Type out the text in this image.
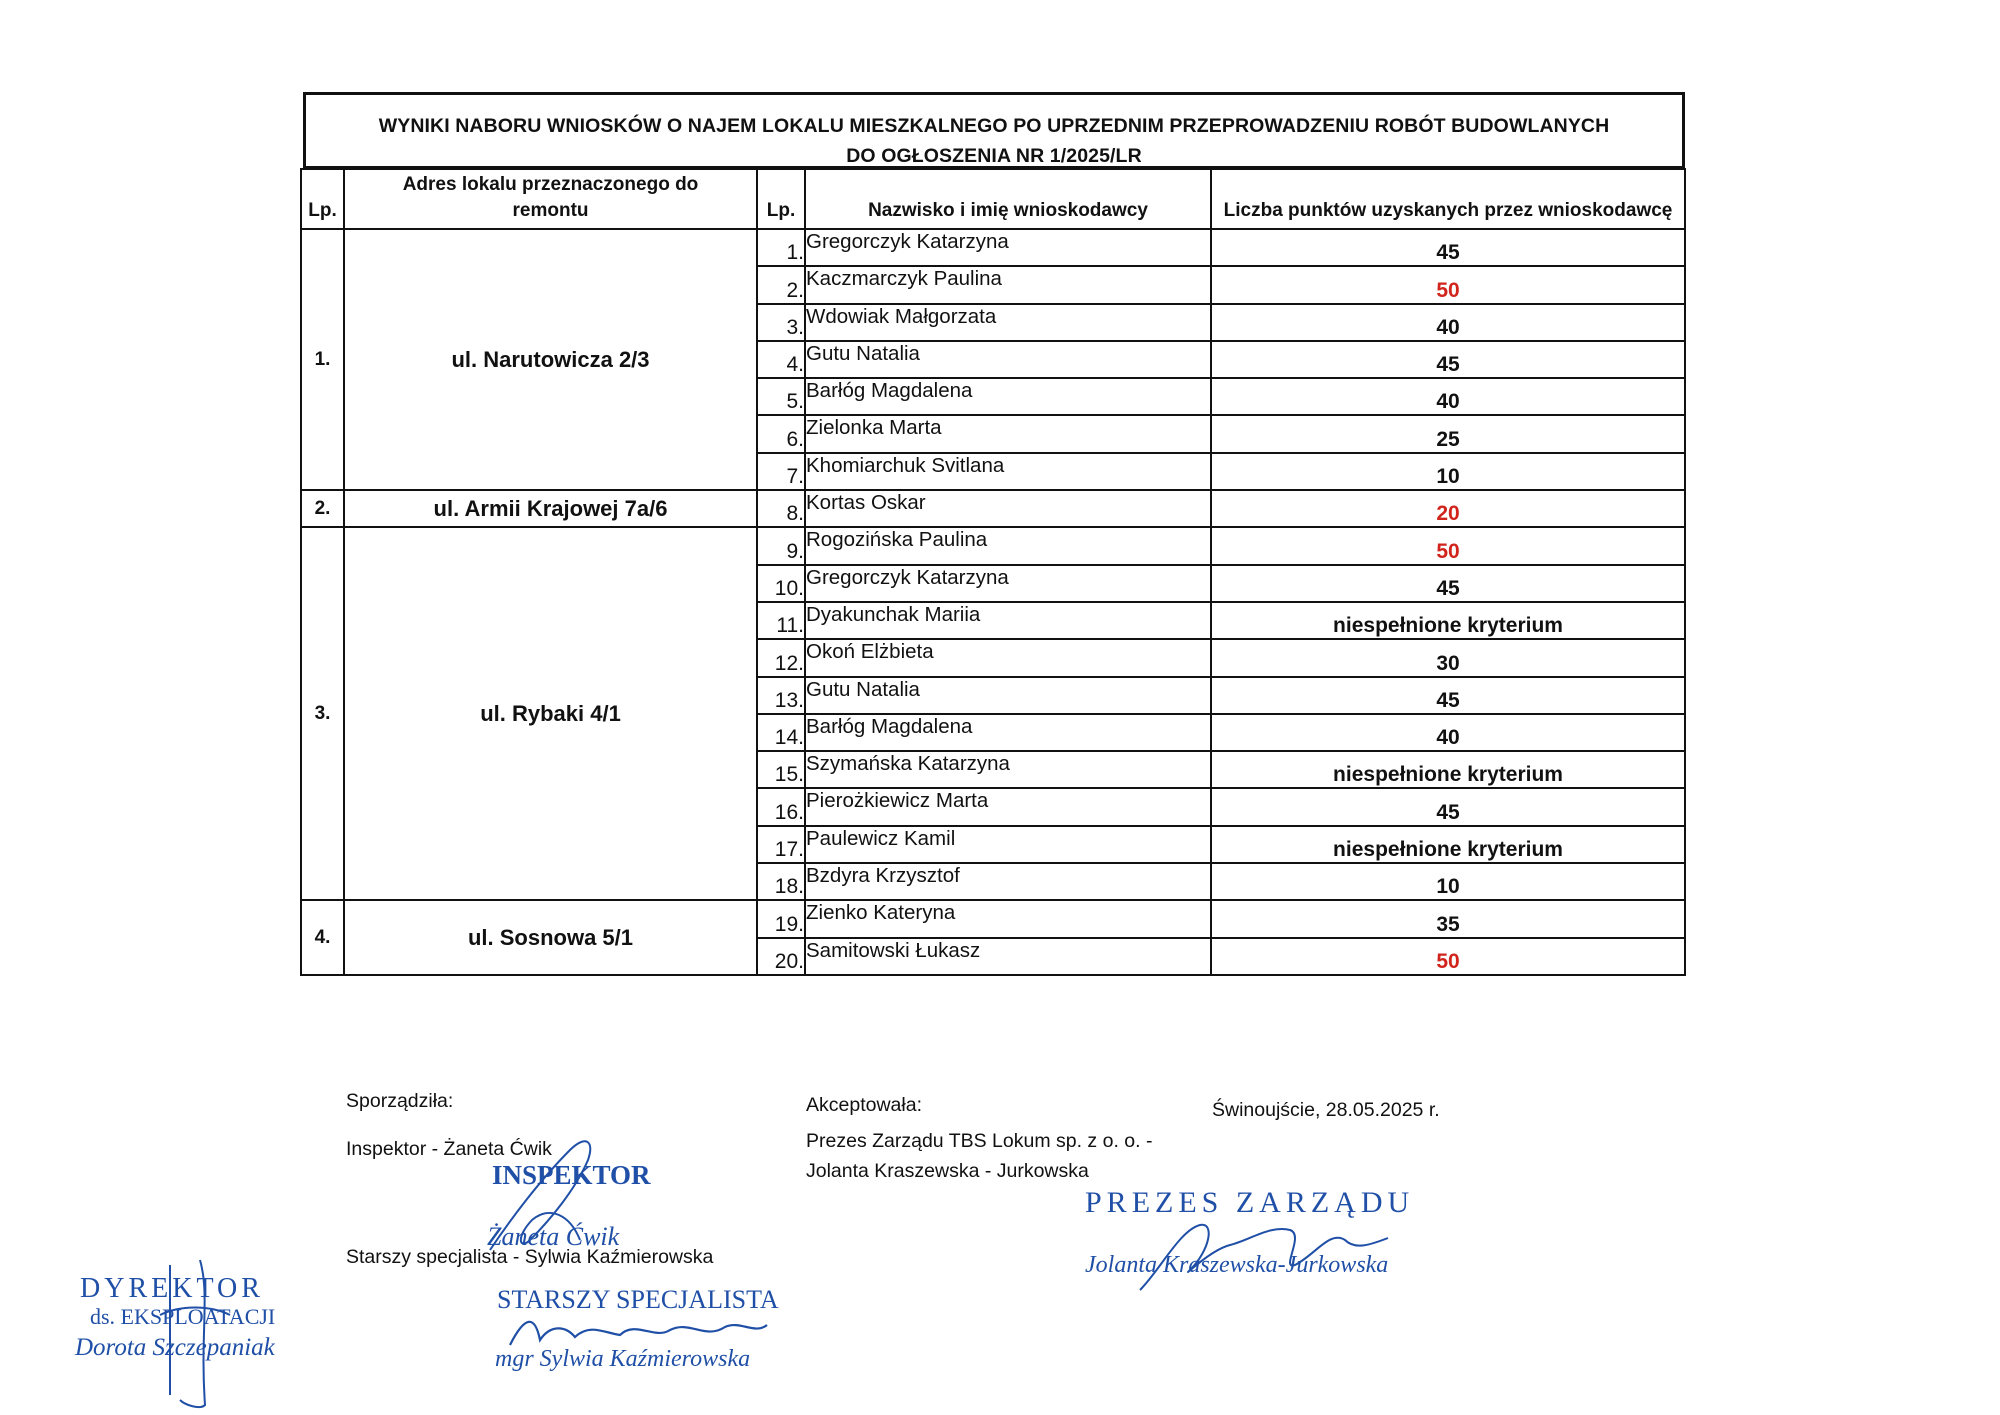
WYNIKI NABORU WNIOSKÓW O NAJEM LOKALU MIESZKALNEGO PO UPRZEDNIM PRZEPROWADZENIU ROBÓT BUDOWLANYCH
DO OGŁOSZENIA NR 1/2025/LR
Lp.	Adres lokalu przeznaczonego do remontu	Lp.	Nazwisko i imię wnioskodawcy	Liczba punktów uzyskanych przez wnioskodawcę
1.	ul. Narutowicza 2/3	1.	Gregorczyk Katarzyna	45
		2.	Kaczmarczyk Paulina	50
		3.	Wdowiak Małgorzata	40
		4.	Gutu Natalia	45
		5.	Barłóg Magdalena	40
		6.	Zielonka Marta	25
		7.	Khomiarchuk Svitlana	10
2.	ul. Armii Krajowej 7a/6	8.	Kortas Oskar	20
3.	ul. Rybaki 4/1	9.	Rogozińska Paulina	50
		10.	Gregorczyk Katarzyna	45
		11.	Dyakunchak Mariia	niespełnione kryterium
		12.	Okoń Elżbieta	30
		13.	Gutu Natalia	45
		14.	Barłóg Magdalena	40
		15.	Szymańska Katarzyna	niespełnione kryterium
		16.	Pierożkiewicz Marta	45
		17.	Paulewicz Kamil	niespełnione kryterium
		18.	Bzdyra Krzysztof	10
4.	ul. Sosnowa 5/1	19.	Zienko Kateryna	35
		20.	Samitowski Łukasz	50
Sporządziła:
Inspektor - Żaneta Ćwik
Starszy specjalista - Sylwia Kaźmierowska
Akceptowała:
Prezes Zarządu TBS Lokum sp. z o. o. -
Jolanta Kraszewska - Jurkowska
Świnoujście, 28.05.2025 r.
INSPEKTOR
Żaneta Ćwik
STARSZY SPECJALISTA
mgr Sylwia Kaźmierowska
DYREKTOR
ds. EKSPLOATACJI
Dorota Szczepaniak
PREZES ZARZĄDU
Jolanta Kraszewska-Jurkowska
